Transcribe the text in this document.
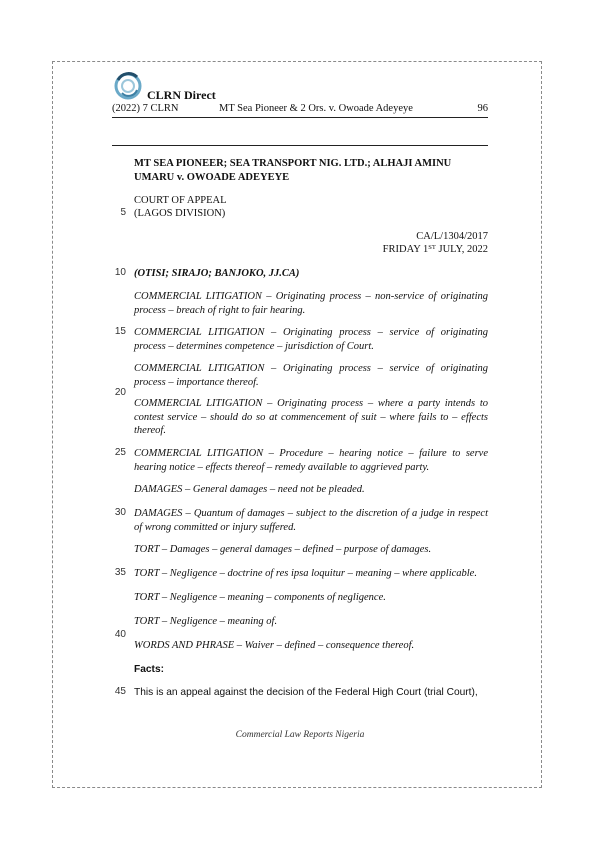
CLRN Direct
(2022) 7 CLRN	MT Sea Pioneer & 2 Ors. v. Owoade Adeyeye	96
MT SEA PIONEER; SEA TRANSPORT NIG. LTD.; ALHAJI AMINU UMARU v. OWOADE ADEYEYE
COURT OF APPEAL
(LAGOS DIVISION)
CA/L/1304/2017
FRIDAY 1ST JULY, 2022
(OTISI; SIRAJO; BANJOKO, JJ.CA)
COMMERCIAL LITIGATION – Originating process – non-service of originating process – breach of right to fair hearing.
COMMERCIAL LITIGATION – Originating process – service of originating process – determines competence – jurisdiction of Court.
COMMERCIAL LITIGATION – Originating process – service of originating process – importance thereof.
COMMERCIAL LITIGATION – Originating process – where a party intends to contest service – should do so at commencement of suit – where fails to – effects thereof.
COMMERCIAL LITIGATION – Procedure – hearing notice – failure to serve hearing notice – effects thereof – remedy available to aggrieved party.
DAMAGES – General damages – need not be pleaded.
DAMAGES – Quantum of damages – subject to the discretion of a judge in respect of wrong committed or injury suffered.
TORT – Damages – general damages – defined – purpose of damages.
TORT – Negligence – doctrine of res ipsa loquitur – meaning – where applicable.
TORT – Negligence – meaning – components of negligence.
TORT – Negligence – meaning of.
WORDS AND PHRASE – Waiver – defined – consequence thereof.
Facts:
This is an appeal against the decision of the Federal High Court (trial Court),
5
10
15
20
25
30
35
40
45
Commercial Law Reports Nigeria
